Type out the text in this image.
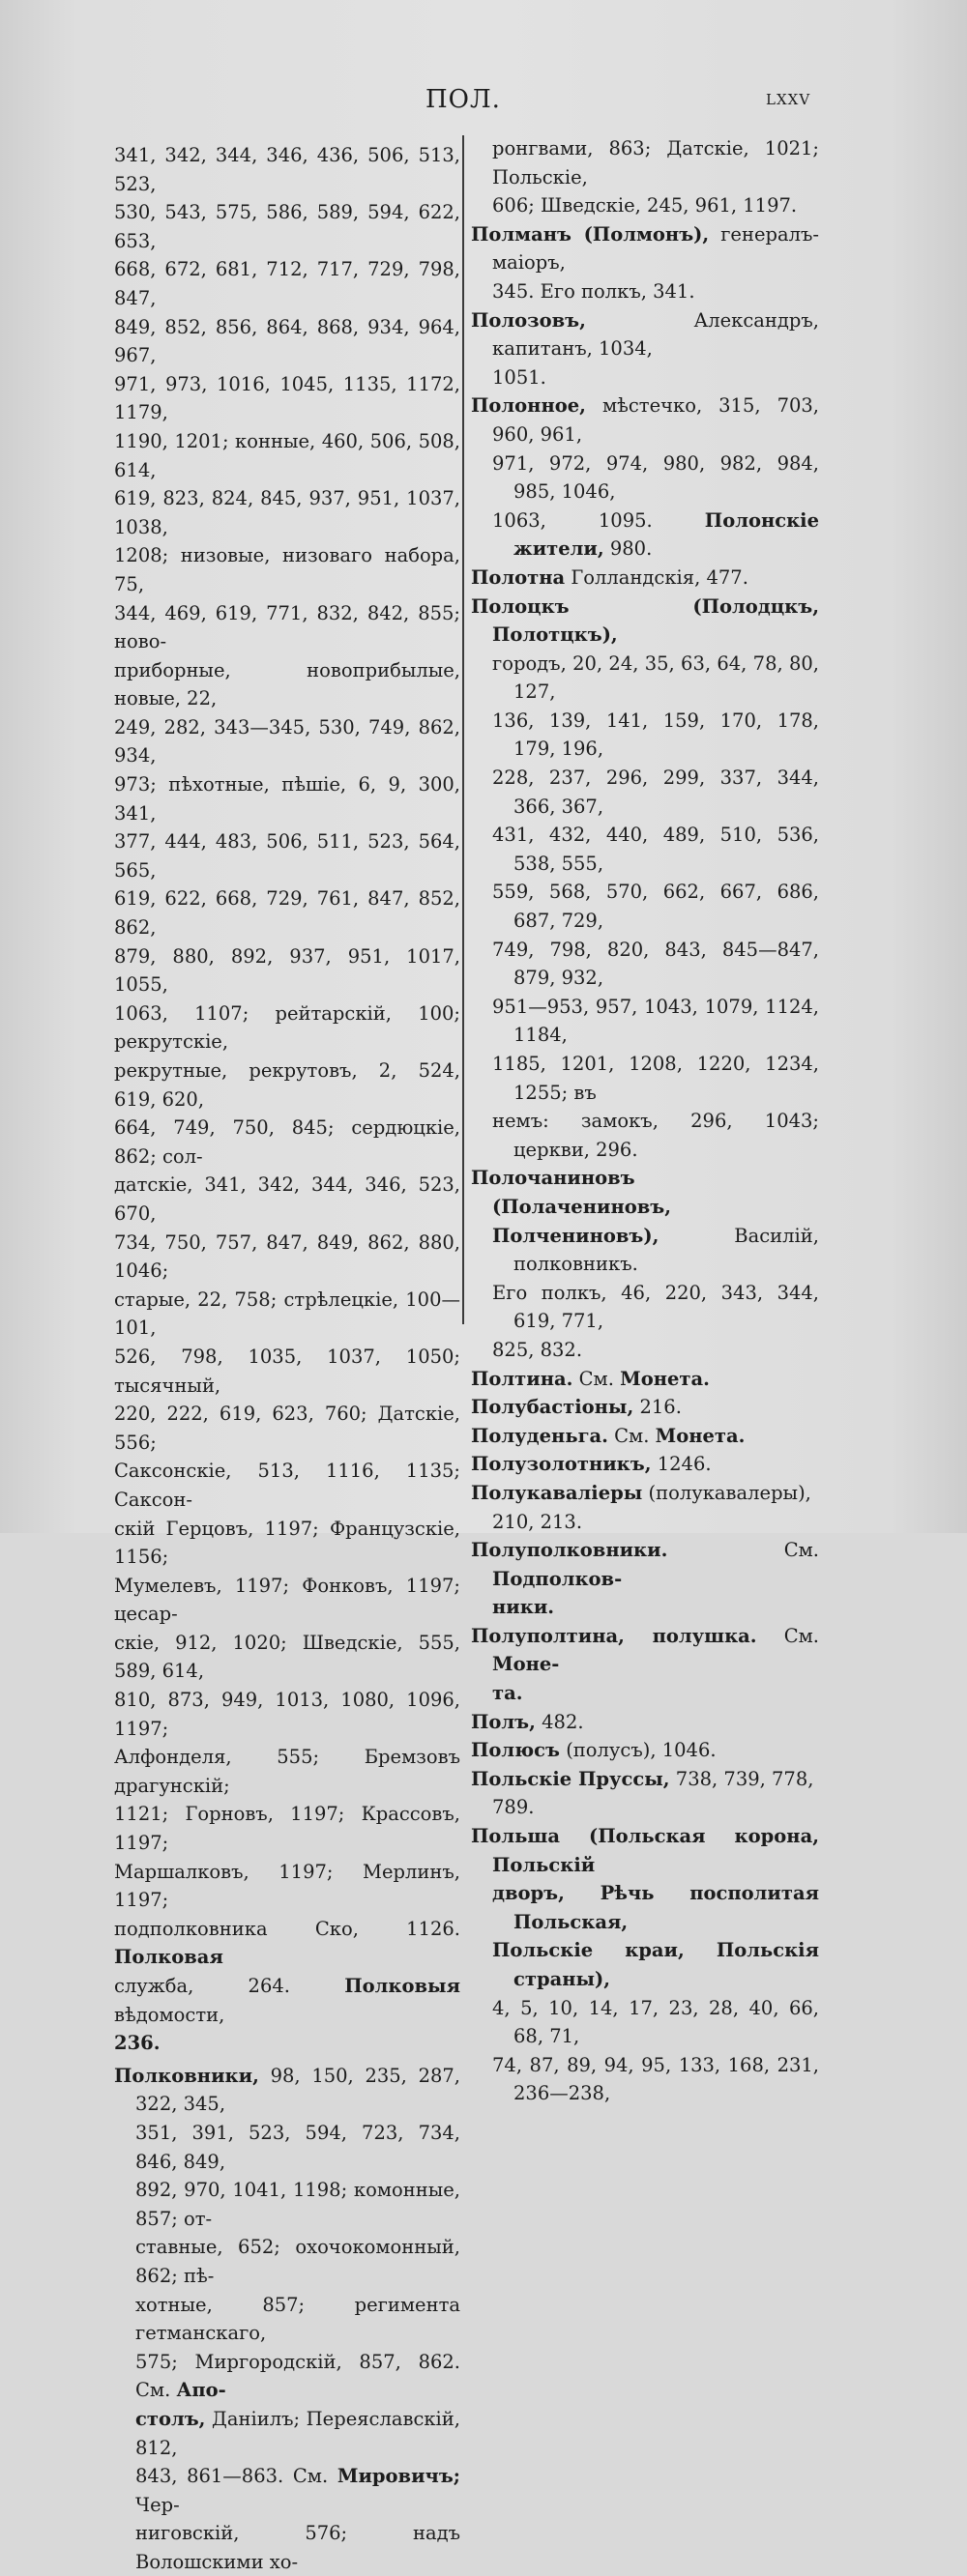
ПОЛ.	LXXV
341, 342, 344, 346, 436, 506, 513, 523,
530, 543, 575, 586, 589, 594, 622, 653,
668, 672, 681, 712, 717, 729, 798, 847,
849, 852, 856, 864, 868, 934, 964, 967,
971, 973, 1016, 1045, 1135, 1172, 1179,
1190, 1201; конные, 460, 506, 508, 614,
619, 823, 824, 845, 937, 951, 1037, 1038,
1208; низовые, низоваго набора, 75,
344, 469, 619, 771, 832, 842, 855; ново-
приборные, новоприбылые, новые, 22,
249, 282, 343—345, 530, 749, 862, 934,
973; пѣхотные, пѣшіе, 6, 9, 300, 341,
377, 444, 483, 506, 511, 523, 564, 565,
619, 622, 668, 729, 761, 847, 852, 862,
879, 880, 892, 937, 951, 1017, 1055,
1063, 1107; рейтарскій, 100; рекрутскіе,
рекрутные, рекрутовъ, 2, 524, 619, 620,
664, 749, 750, 845; сердюцкіе, 862; сол-
датскіе, 341, 342, 344, 346, 523, 670,
734, 750, 757, 847, 849, 862, 880, 1046;
старые, 22, 758; стрѣлецкіе, 100—101,
526, 798, 1035, 1037, 1050; тысячный,
220, 222, 619, 623, 760; Датскіе, 556;
Саксонскіе, 513, 1116, 1135; Саксон-
скій Герцовъ, 1197; Французскіе, 1156;
Мумелевъ, 1197; Фонковъ, 1197; цесар-
скіе, 912, 1020; Шведскіе, 555, 589, 614,
810, 873, 949, 1013, 1080, 1096, 1197;
Алфонделя, 555; Бремзовъ драгунскій;
1121; Горновъ, 1197; Крассовъ, 1197;
Маршалковъ, 1197; Мерлинъ, 1197;
подполковника Ско, 1126. Полковая
служба, 264.	Полковыя вѣдомости,
236.
Полковники, 98, 150, 235, 287, 322, 345,
351, 391, 523, 594, 723, 734, 846, 849,
892, 970, 1041, 1198; комонные, 857; от-
ставные, 652; охочокомонный, 862; пѣ-
хотные, 857; регимента гетманскаго,
575; Миргородскій, 857, 862. См. Апо-
столъ, Даніилъ; Переяславскій, 812,
843, 861—863. См. Мировичъ; Чер-
ниговскій, 576; надъ Волошскими хо-
ронгвами, 863; Датскіе, 1021; Польскіе,
606; Шведскіе, 245, 961, 1197.
Полманъ (Полмонъ), генералъ-маіоръ,
345. Его полкъ, 341.
Полозовъ,	Александръ, капитанъ, 1034,
1051.
Полонное, мѣстечко, 315, 703, 960, 961,
971, 972, 974, 980, 982, 984, 985, 1046,
1063, 1095.	Полонскіе жители, 980.
Полотна Голландскія, 477.
Полоцкъ (Полодцкъ, Полотцкъ),
городъ, 20, 24, 35, 63, 64, 78, 80, 127,
136, 139, 141, 159, 170, 178, 179, 196,
228, 237, 296, 299, 337, 344, 366, 367,
431, 432, 440, 489, 510, 536, 538, 555,
559, 568, 570, 662, 667, 686, 687, 729,
749, 798, 820, 843, 845—847, 879, 932,
951—953, 957, 1043, 1079, 1124, 1184,
1185, 1201, 1208, 1220, 1234, 1255; въ
немъ: замокъ, 296, 1043; церкви, 296.
Полочаниновъ (Полачениновъ,
Полчениновъ),	Василій, полковникъ.
Его полкъ, 46, 220, 343, 344, 619, 771,
825, 832.
Полтина. См. Монета.
Полубастіоны, 216.
Полуденьга. См. Монета.
Полузолотникъ, 1246.
Полукавалiеры (полукавалеры),
210, 213.
Полуполковники.	См. Подполков-
ники.
Полуполтина, полушка. См. Моне-
та.
Полъ, 482.
Полюсъ (полусъ), 1046.
Польскіе Пруссы, 738, 739, 778,
789.
Польша (Польская корона, Польскій
дворъ, Рѣчь посполитая Польская,
Польскіе краи, Польскія страны),
4, 5, 10, 14, 17, 23, 28, 40, 66, 68, 71,
74, 87, 89, 94, 95, 133, 168, 231, 236—238,
